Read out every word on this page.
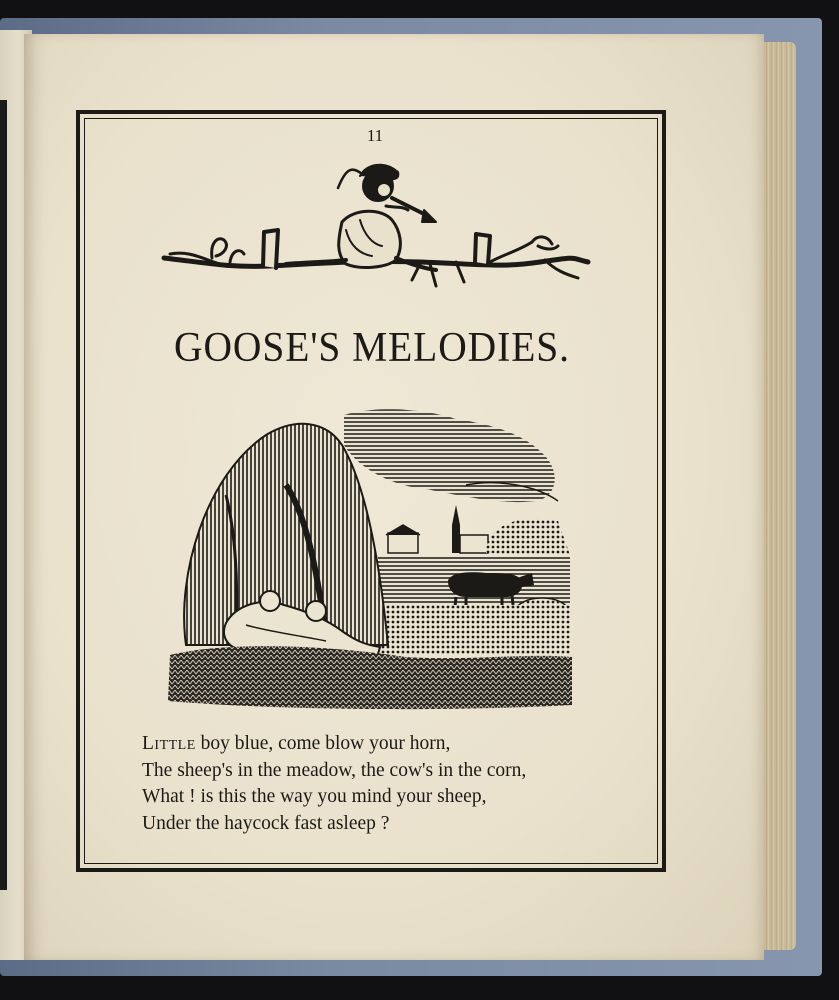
11
GOOSE'S MELODIES.
Little boy blue, come blow your horn,
The sheep's in the meadow, the cow's in the corn,
What ! is this the way you mind your sheep,
Under the haycock fast asleep ?
